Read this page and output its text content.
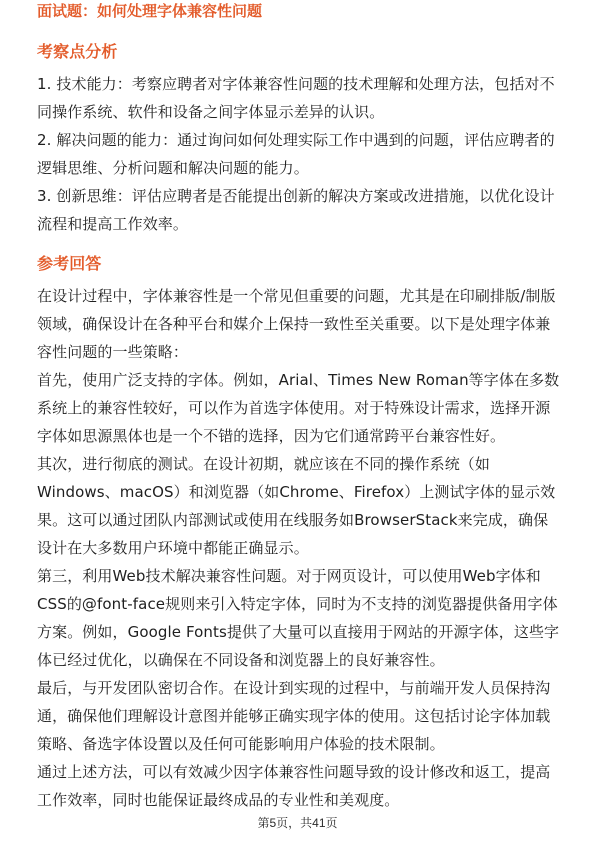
面试题：如何处理字体兼容性问题
考察点分析
1. 技术能力：考察应聘者对字体兼容性问题的技术理解和处理方法，包括对不同操作系统、软件和设备之间字体显示差异的认识。
2. 解决问题的能力：通过询问如何处理实际工作中遇到的问题，评估应聘者的逻辑思维、分析问题和解决问题的能力。
3. 创新思维：评估应聘者是否能提出创新的解决方案或改进措施，以优化设计流程和提高工作效率。
参考回答
在设计过程中，字体兼容性是一个常见但重要的问题，尤其是在印刷排版/制版领域，确保设计在各种平台和媒介上保持一致性至关重要。以下是处理字体兼容性问题的一些策略：
首先，使用广泛支持的字体。例如，Arial、Times New Roman等字体在多数系统上的兼容性较好，可以作为首选字体使用。对于特殊设计需求，选择开源字体如思源黑体也是一个不错的选择，因为它们通常跨平台兼容性好。
其次，进行彻底的测试。在设计初期，就应该在不同的操作系统（如Windows、macOS）和浏览器（如Chrome、Firefox）上测试字体的显示效果。这可以通过团队内部测试或使用在线服务如BrowserStack来完成，确保设计在大多数用户环境中都能正确显示。
第三，利用Web技术解决兼容性问题。对于网页设计，可以使用Web字体和CSS的@font-face规则来引入特定字体，同时为不支持的浏览器提供备用字体方案。例如，Google Fonts提供了大量可以直接用于网站的开源字体，这些字体已经过优化，以确保在不同设备和浏览器上的良好兼容性。
最后，与开发团队密切合作。在设计到实现的过程中，与前端开发人员保持沟通，确保他们理解设计意图并能够正确实现字体的使用。这包括讨论字体加载策略、备选字体设置以及任何可能影响用户体验的技术限制。
通过上述方法，可以有效减少因字体兼容性问题导致的设计修改和返工，提高工作效率，同时也能保证最终成品的专业性和美观度。
第5页，共41页
